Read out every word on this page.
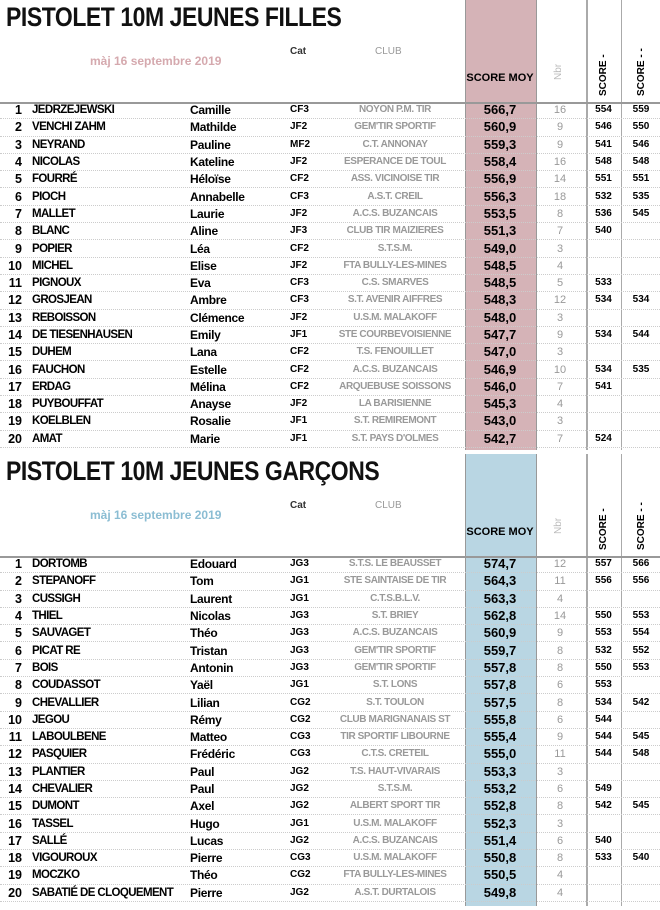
PISTOLET 10M JEUNES FILLES
màj 16 septembre 2019
Cat	CLUB
SCORE MOY Nbr	SCORE -	SCORE - -
1 JEDRZEJEWSKI	Camille	CF3	NOYON P.M. TIR	566,7	16	554	559
2 VENCHI ZAHM	Mathilde	JF2	GEM'TIR SPORTIF	560,9	9	546	550
3 NEYRAND	Pauline	MF2	C.T. ANNONAY	559,3	9	541	546
4 NICOLAS	Kateline	JF2	ESPERANCE DE TOUL	558,4	16	548	548
5 FOURRÉ	Héloïse	CF2	ASS. VICINOISE TIR	556,9	14	551	551
6 PIOCH	Annabelle	CF3	A.S.T. CREIL	556,3	18	532	535
7 MALLET	Laurie	JF2	A.C.S. BUZANCAIS	553,5	8	536	545
8 BLANC	Aline	JF3	CLUB TIR MAIZIERES	551,3	7	540
9 POPIER	Léa	CF2	S.T.S.M.	549,0	3
10 MICHEL	Elise	JF2	FTA BULLY-LES-MINES	548,5	4
11 PIGNOUX	Eva	CF3	C.S. SMARVES	548,5	5	533
12 GROSJEAN	Ambre	CF3	S.T. AVENIR AIFFRES	548,3	12	534	534
13 REBOISSON	Clémence	JF2	U.S.M. MALAKOFF	548,0	3
14 DE TIESENHAUSEN	Emily	JF1	STE COURBEVOISIENNE	547,7	9	534	544
15 DUHEM	Lana	CF2	T.S. FENOUILLET	547,0	3
16 FAUCHON	Estelle	CF2	A.C.S. BUZANCAIS	546,9	10	534	535
17 ERDAG	Mélina	CF2	ARQUEBUSE SOISSONS	546,0	7	541
18 PUYBOUFFAT	Anayse	JF2	LA BARISIENNE	545,3	4
19 KOELBLEN	Rosalie	JF1	S.T. REMIREMONT	543,0	3
20 AMAT	Marie	JF1	S.T. PAYS D'OLMES	542,7	7	524
PISTOLET 10M JEUNES GARÇONS
màj 16 septembre 2019
Cat	CLUB
SCORE MOY Nbr	SCORE -	SCORE - -
1 DORTOMB	Edouard	JG3	S.T.S. LE BEAUSSET	574,7	12	557	566
2 STEPANOFF	Tom	JG1	STE SAINTAISE DE TIR	564,3	11	556	556
3 CUSSIGH	Laurent	JG1	C.T.S.B.L.V.	563,3	4
4 THIEL	Nicolas	JG3	S.T. BRIEY	562,8	14	550	553
5 SAUVAGET	Théo	JG3	A.C.S. BUZANCAIS	560,9	9	553	554
6 PICAT RE	Tristan	JG3	GEM'TIR SPORTIF	559,7	8	532	552
7 BOIS	Antonin	JG3	GEM'TIR SPORTIF	557,8	8	550	553
8 COUDASSOT	Yaël	JG1	S.T. LONS	557,8	6	553
9 CHEVALLIER	Lilian	CG2	S.T. TOULON	557,5	8	534	542
10 JEGOU	Rémy	CG2	CLUB MARIGNANAIS ST	555,8	6	544
11 LABOULBENE	Matteo	CG3	TIR SPORTIF LIBOURNE	555,4	9	544	545
12 PASQUIER	Frédéric	CG3	C.T.S. CRETEIL	555,0	11	544	548
13 PLANTIER	Paul	JG2	T.S. HAUT-VIVARAIS	553,3	3
14 CHEVALIER	Paul	JG2	S.T.S.M.	553,2	6	549
15 DUMONT	Axel	JG2	ALBERT SPORT TIR	552,8	8	542	545
16 TASSEL	Hugo	JG1	U.S.M. MALAKOFF	552,3	3
17 SALLÉ	Lucas	JG2	A.C.S. BUZANCAIS	551,4	6	540
18 VIGOUROUX	Pierre	CG3	U.S.M. MALAKOFF	550,8	8	533	540
19 MOCZKO	Théo	CG2	FTA BULLY-LES-MINES	550,5	4
20 SABATIÉ DE CLOQUEMENT	Pierre	JG2	A.S.T. DURTALOIS	549,8	4
